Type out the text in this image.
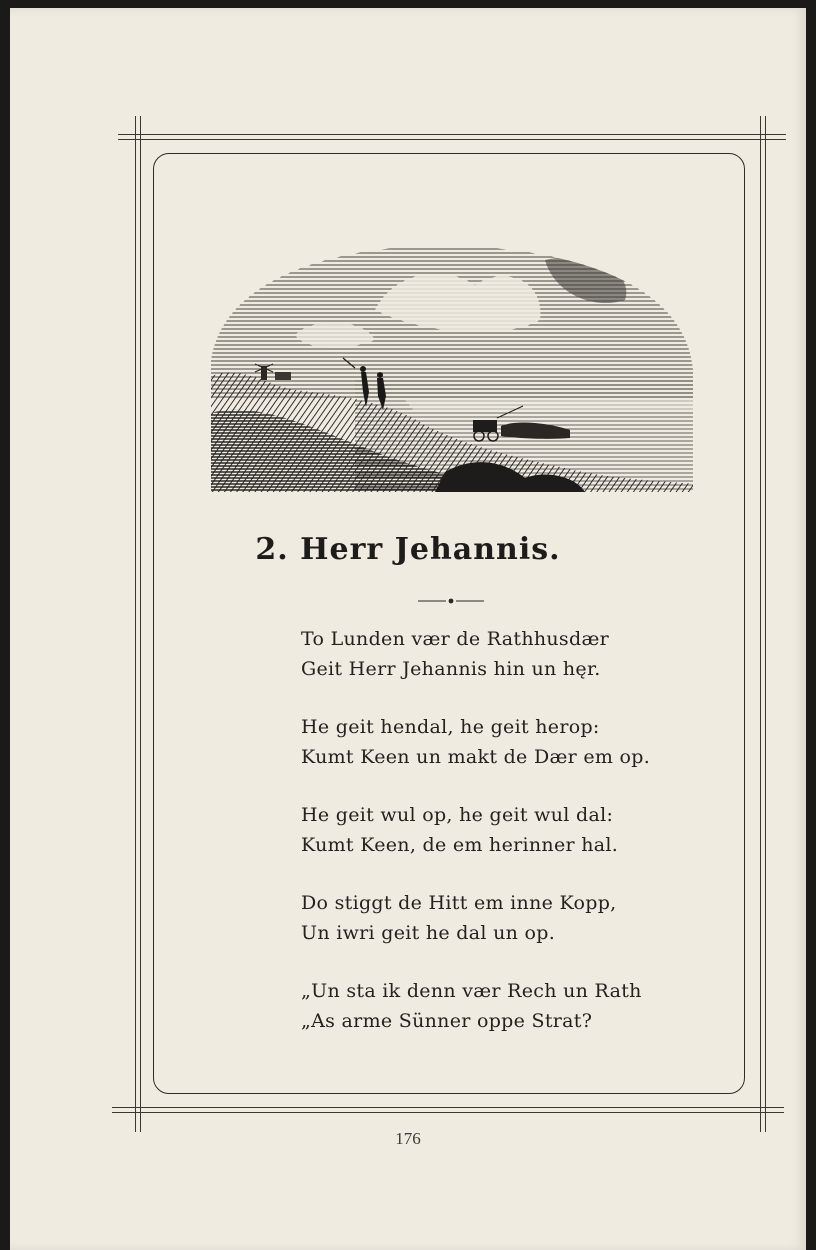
2. Herr Jehannis.
To Lunden vær de Rathhusdær
Geit Herr Jehannis hin un hęr.
He geit hendal, he geit herop:
Kumt Keen un makt de Dær em op.
He geit wul op, he geit wul dal:
Kumt Keen, de em herinner hal.
Do stiggt de Hitt em inne Kopp,
Un iwri geit he dal un op.
„Un sta ik denn vær Rech un Rath
„As arme Sünner oppe Strat?
176
